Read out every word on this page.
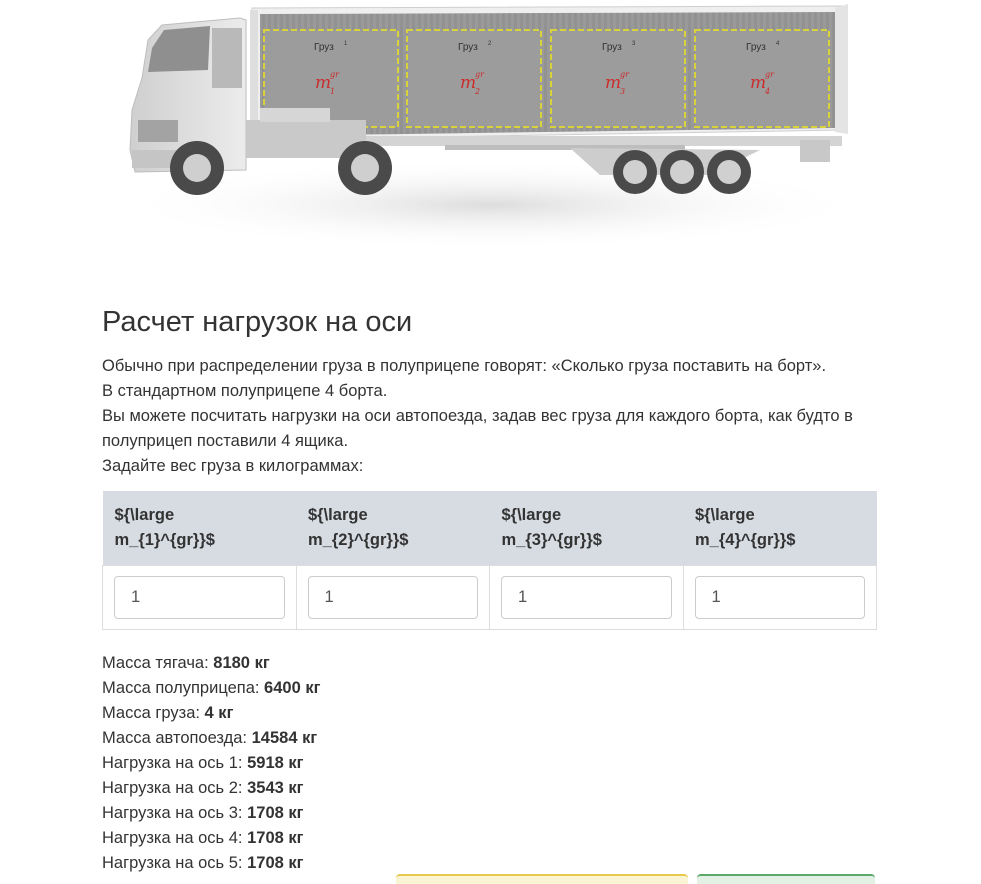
Груз 1
m
gr
1
Груз 2
m
gr
2
Груз 3
m
gr
3
Груз 4
m
gr
4
Расчет нагрузок на оси

Обычно при распределении груза в полуприцепе говорят: «Сколько груза поставить на борт».

В стандартном полуприцепе 4 борта.

Вы можете посчитать нагрузки на оси автопоезда, задав вес груза для каждого борта, как будто в полуприцеп поставили 4 ящика.

Задайте вес груза в килограммах:

${\large
m_{1}^{gr}}$	${\large
m_{2}^{gr}}$	${\large
m_{3}^{gr}}$	${\large
m_{4}^{gr}}$
1	1	1	1
Масса тягача: 8180 кг
Масса полуприцепа: 6400 кг
Масса груза: 4 кг
Масса автопоезда: 14584 кг
Нагрузка на ось 1: 5918 кг
Нагрузка на ось 2: 3543 кг
Нагрузка на ось 3: 1708 кг
Нагрузка на ось 4: 1708 кг
Нагрузка на ось 5: 1708 кг
